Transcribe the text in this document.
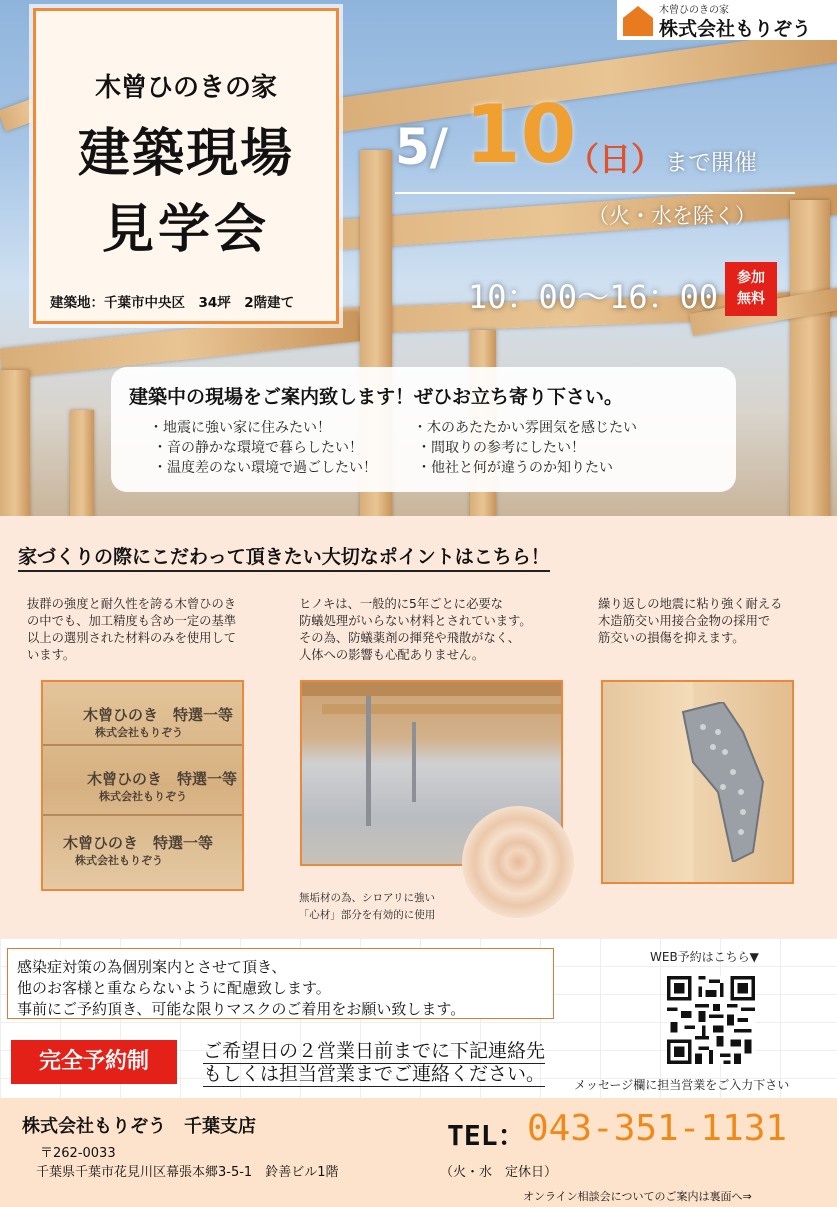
木曾ひのきの家
建築現場
見学会
建築地：千葉市中央区　34坪　2階建て
木曾ひのきの家
株式会社もりぞう
5/ 10
（日） まで開催
（火・水を除く）
10：00～16：00	参加
無料
建築中の現場をご案内致します！ぜひお立ち寄り下さい。
・地震に強い家に住みたい！
・音の静かな環境で暮らしたい！
・温度差のない環境で過ごしたい！
・木のあたたかい雰囲気を感じたい
・間取りの参考にしたい！
・他社と何が違うのか知りたい
家づくりの際にこだわって頂きたい大切なポイントはこちら！
抜群の強度と耐久性を誇る木曾ひのき
の中でも、加工精度も含め一定の基準
以上の選別された材料のみを使用して
います。
ヒノキは、一般的に5年ごとに必要な
防蟻処理がいらない材料とされています。
その為、防蟻薬剤の揮発や飛散がなく、
人体への影響も心配ありません。
繰り返しの地震に粘り強く耐える
木造筋交い用接合金物の採用で
筋交いの損傷を抑えます。
木曾ひのき　特選一等
株式会社もりぞう
木曾ひのき　特選一等
株式会社もりぞう
木曾ひのき　特選一等
株式会社もりぞう
無垢材の為、シロアリに強い
「心材」部分を有効的に使用
感染症対策の為個別案内とさせて頂き、
他のお客様と重ならないように配慮致します。
事前にご予約頂き、可能な限りマスクのご着用をお願い致します。
完全予約制	ご希望日の２営業日前までに下記連絡先
もしくは担当営業までご連絡ください。
WEB予約はこちら▼
メッセージ欄に担当営業をご入力下さい
株式会社もりぞう　千葉支店
〒262-0033
千葉県千葉市花見川区幕張本郷3-5-1　鈴善ビル1階
TEL： 043-351-1131
（火・水　定休日）
オンライン相談会についてのご案内は裏面へ⇒
